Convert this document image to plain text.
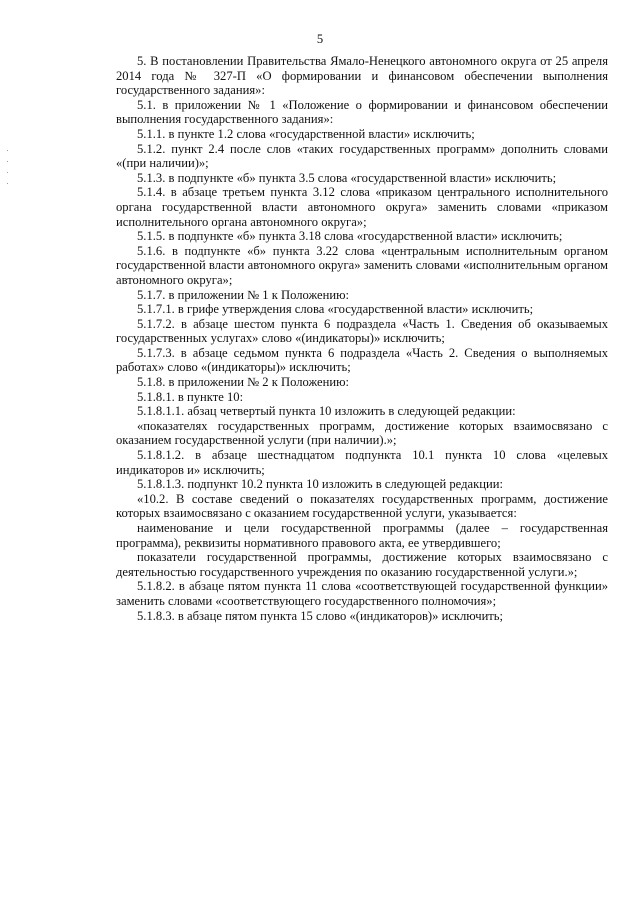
5

5. В постановлении Правительства Ямало-Ненецкого автономного округа от 25 апреля 2014 года № 327-П «О формировании и финансовом обеспечении выполнения государственного задания»:

5.1. в приложении № 1 «Положение о формировании и финансовом обеспечении выполнения государственного задания»:

5.1.1. в пункте 1.2 слова «государственной власти» исключить;

5.1.2. пункт 2.4 после слов «таких государственных программ» дополнить словами «(при наличии)»;

5.1.3. в подпункте «б» пункта 3.5 слова «государственной власти» исключить;

5.1.4. в абзаце третьем пункта 3.12 слова «приказом центрального исполнительного органа государственной власти автономного округа» заменить словами «приказом исполнительного органа автономного округа»;

5.1.5. в подпункте «б» пункта 3.18 слова «государственной власти» исключить;

5.1.6. в подпункте «б» пункта 3.22 слова «центральным исполнительным органом государственной власти автономного округа» заменить словами «исполнительным органом автономного округа»;

5.1.7. в приложении № 1 к Положению:

5.1.7.1. в грифе утверждения слова «государственной власти» исключить;

5.1.7.2. в абзаце шестом пункта 6 подраздела «Часть 1. Сведения об оказываемых государственных услугах» слово «(индикаторы)» исключить;

5.1.7.3. в абзаце седьмом пункта 6 подраздела «Часть 2. Сведения о выполняемых работах» слово «(индикаторы)» исключить;

5.1.8. в приложении № 2 к Положению:

5.1.8.1. в пункте 10:

5.1.8.1.1. абзац четвертый пункта 10 изложить в следующей редакции:

«показателях государственных программ, достижение которых взаимосвязано с оказанием государственной услуги (при наличии).»;

5.1.8.1.2. в абзаце шестнадцатом подпункта 10.1 пункта 10 слова «целевых индикаторов и» исключить;

5.1.8.1.3. подпункт 10.2 пункта 10 изложить в следующей редакции:

«10.2. В составе сведений о показателях государственных программ, достижение которых взаимосвязано с оказанием государственной услуги, указывается:

наименование и цели государственной программы (далее – государственная программа), реквизиты нормативного правового акта, ее утвердившего;

показатели государственной программы, достижение которых взаимосвязано с деятельностью государственного учреждения по оказанию государственной услуги.»;

5.1.8.2. в абзаце пятом пункта 11 слова «соответствующей государственной функции» заменить словами «соответствующего государственного полномочия»;

5.1.8.3. в абзаце пятом пункта 15 слово «(индикаторов)» исключить;
